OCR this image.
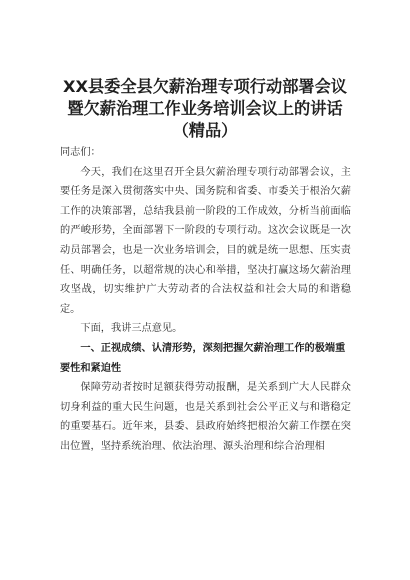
XX县委全县欠薪治理专项行动部署会议
暨欠薪治理工作业务培训会议上的讲话
（精品）

同志们：

今天，我们在这里召开全县欠薪治理专项行动部署会议，主要任务是深入贯彻落实中央、国务院和省委、市委关于根治欠薪工作的决策部署，总结我县前一阶段的工作成效，分析当前面临的严峻形势，全面部署下一阶段的专项行动。这次会议既是一次动员部署会，也是一次业务培训会，目的就是统一思想、压实责任、明确任务，以超常规的决心和举措，坚决打赢这场欠薪治理攻坚战，切实维护广大劳动者的合法权益和社会大局的和谐稳定。

下面，我讲三点意见。

一、正视成绩、认清形势，深刻把握欠薪治理工作的极端重要性和紧迫性

保障劳动者按时足额获得劳动报酬，是关系到广大人民群众切身利益的重大民生问题，也是关系到社会公平正义与和谐稳定的重要基石。近年来，县委、县政府始终把根治欠薪工作摆在突出位置，坚持系统治理、依法治理、源头治理和综合治理相
